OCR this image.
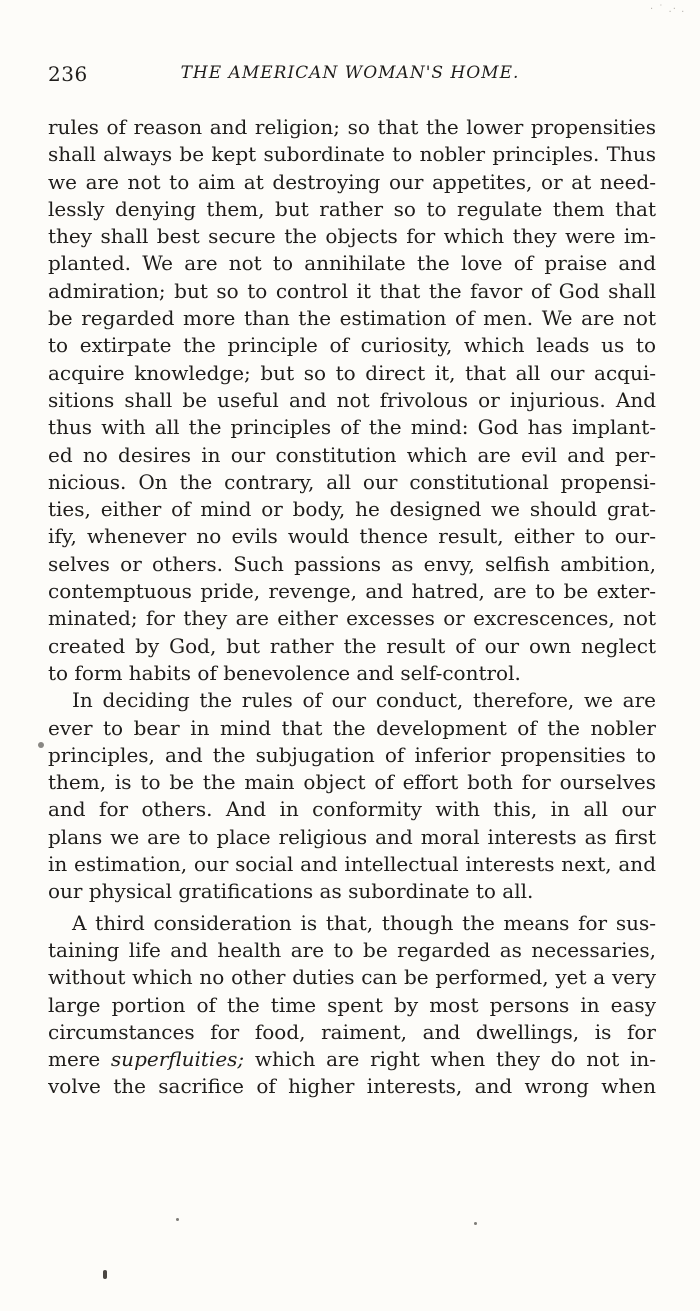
· ˙ .· .
236	THE AMERICAN WOMAN'S HOME.
rules of reason and religion; so that the lower propensities
shall always be kept subordinate to nobler principles. Thus
we are not to aim at destroying our appetites, or at need-
lessly denying them, but rather so to regulate them that
they shall best secure the objects for which they were im-
planted. We are not to annihilate the love of praise and
admiration; but so to control it that the favor of God shall
be regarded more than the estimation of men. We are not
to extirpate the principle of curiosity, which leads us to
acquire knowledge; but so to direct it, that all our acqui-
sitions shall be useful and not frivolous or injurious. And
thus with all the principles of the mind: God has implant-
ed no desires in our constitution which are evil and per-
nicious. On the contrary, all our constitutional propensi-
ties, either of mind or body, he designed we should grat-
ify, whenever no evils would thence result, either to our-
selves or others. Such passions as envy, selfish ambition,
contemptuous pride, revenge, and hatred, are to be exter-
minated; for they are either excesses or excrescences, not
created by God, but rather the result of our own neglect
to form habits of benevolence and self-control.
In deciding the rules of our conduct, therefore, we are
ever to bear in mind that the development of the nobler
principles, and the subjugation of inferior propensities to
them, is to be the main object of effort both for ourselves
and for others. And in conformity with this, in all our
plans we are to place religious and moral interests as first
in estimation, our social and intellectual interests next, and
our physical gratifications as subordinate to all.
A third consideration is that, though the means for sus-
taining life and health are to be regarded as necessaries,
without which no other duties can be performed, yet a very
large portion of the time spent by most persons in easy
circumstances for food, raiment, and dwellings, is for
mere superfluities; which are right when they do not in-
volve the sacrifice of higher interests, and wrong when
